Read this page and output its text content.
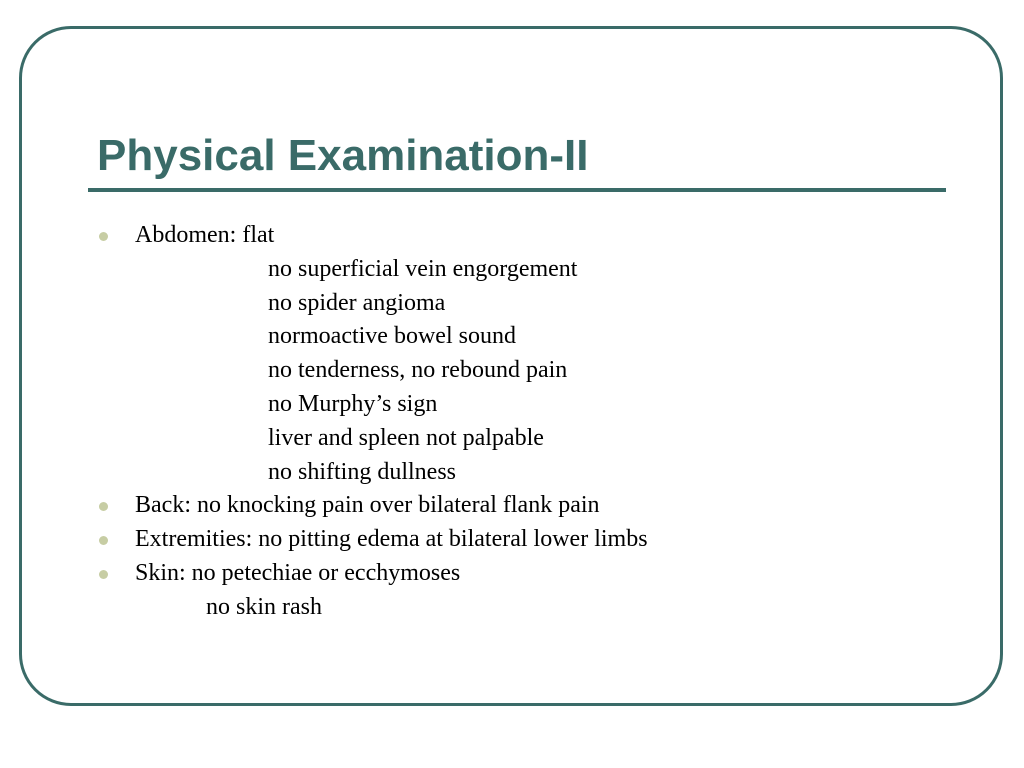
Physical Examination-II
Abdomen: flat
no superficial vein engorgement
no spider angioma
normoactive bowel sound
no tenderness, no rebound pain
no Murphy’s sign
liver and spleen not palpable
no shifting dullness
Back: no knocking pain over bilateral flank pain
Extremities: no pitting edema at bilateral lower limbs
Skin: no petechiae or ecchymoses
no skin rash
